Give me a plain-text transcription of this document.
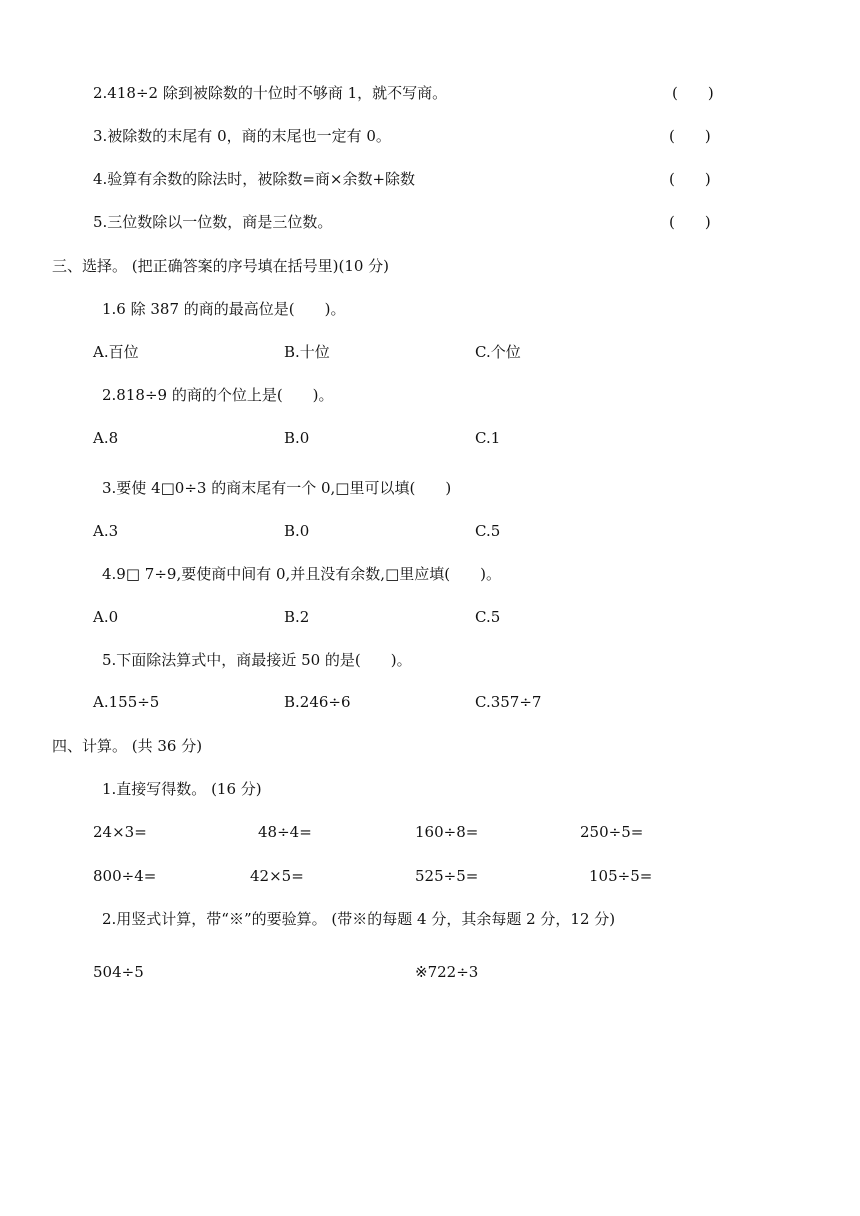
2.418÷2 除到被除数的十位时不够商 1，就不写商。	(　　)
3.被除数的末尾有 0，商的末尾也一定有 0。	(　　)
4.验算有余数的除法时，被除数=商×余数+除数	(　　)
5.三位数除以一位数，商是三位数。	(　　)
三、选择。 (把正确答案的序号填在括号里)(10 分)
1.6 除 387 的商的最高位是(　　)。
A.百位	B.十位	C.个位
2.818÷9 的商的个位上是(　　)。
A.8	B.0	C.1
3.要使 4□0÷3 的商末尾有一个 0,□里可以填(　　)
A.3	B.0	C.5
4.9□ 7÷9,要使商中间有 0,并且没有余数,□里应填(　　)。
A.0	B.2	C.5
5.下面除法算式中，商最接近 50 的是(　　)。
A.155÷5	B.246÷6	C.357÷7
四、计算。 (共 36 分)
1.直接写得数。 (16 分)
24×3=	48÷4=	160÷8=	250÷5=
800÷4=	42×5=	525÷5=	105÷5=
2.用竖式计算，带“※”的要验算。 (带※的每题 4 分，其余每题 2 分，12 分)
504÷5	※722÷3
